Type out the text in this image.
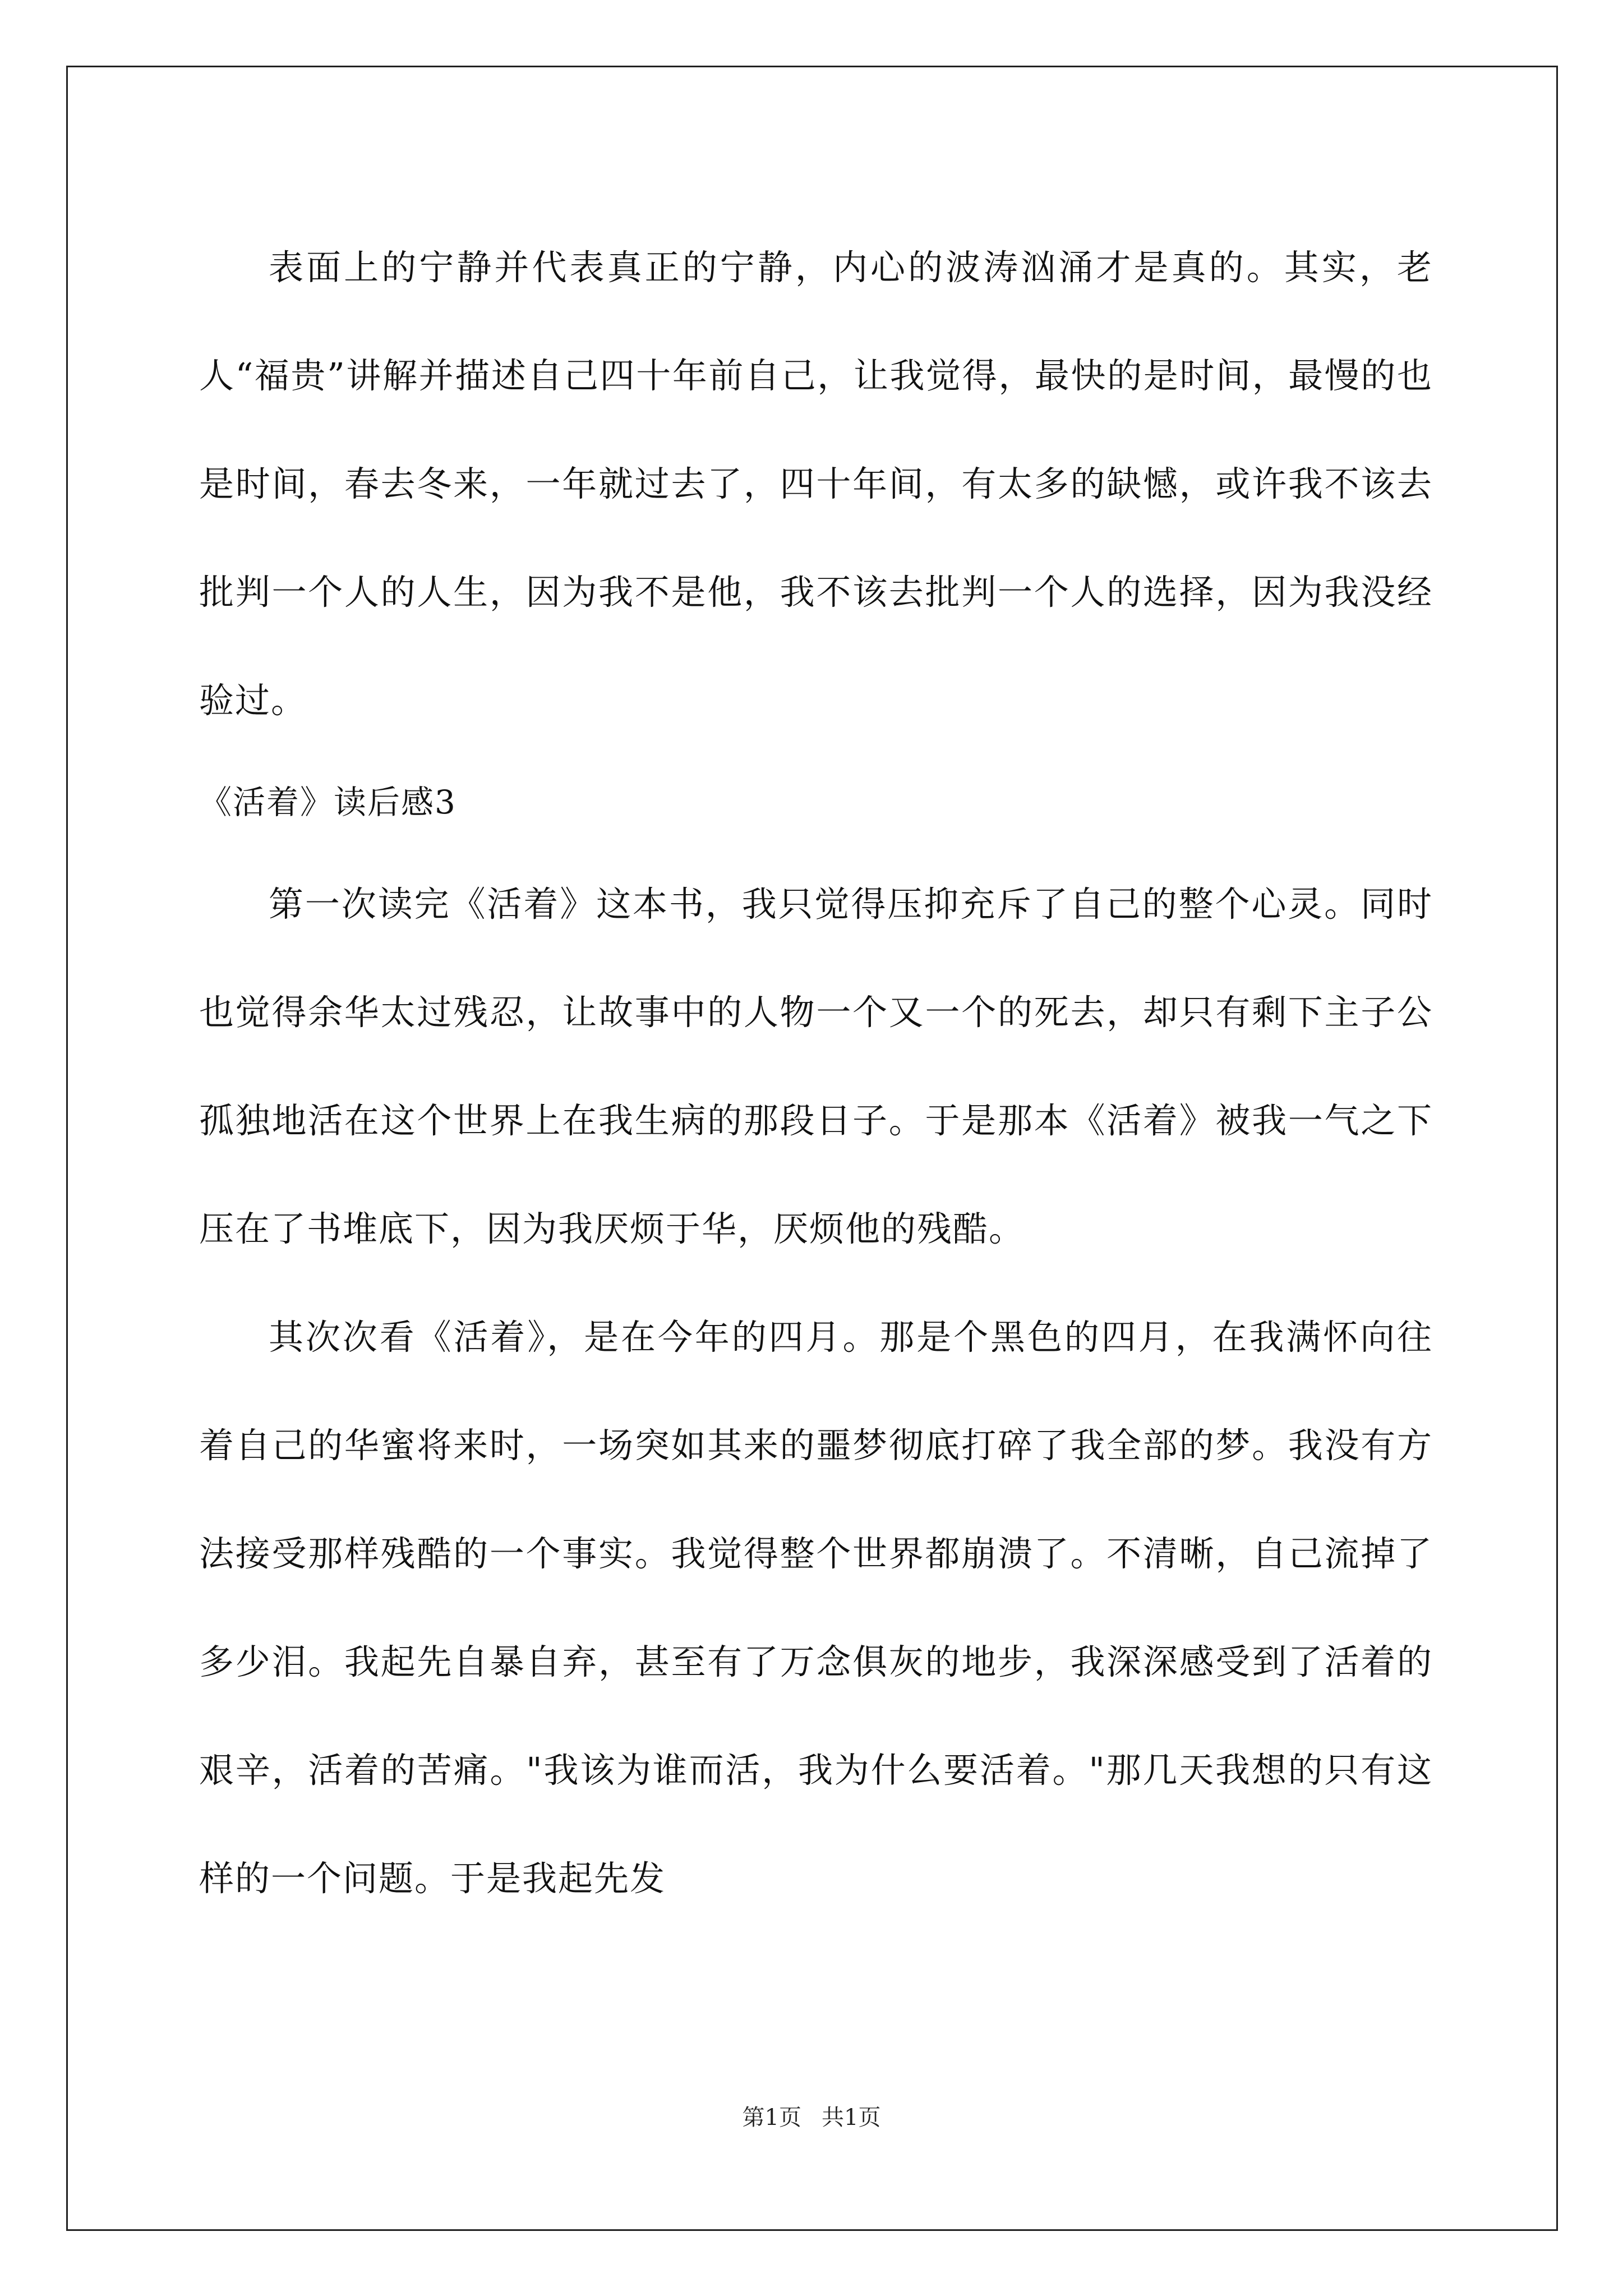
表面上的宁静并代表真正的宁静，内心的波涛汹涌才是真的。其实，老人“福贵”讲解并描述自己四十年前自己，让我觉得，最快的是时间，最慢的也是时间，春去冬来，一年就过去了，四十年间，有太多的缺憾，或许我不该去批判一个人的人生，因为我不是他，我不该去批判一个人的选择，因为我没经验过。

《活着》读后感3

第一次读完《活着》这本书，我只觉得压抑充斥了自己的整个心灵。同时也觉得余华太过残忍，让故事中的人物一个又一个的死去，却只有剩下主子公孤独地活在这个世界上在我生病的那段日子。于是那本《活着》被我一气之下压在了书堆底下，因为我厌烦于华，厌烦他的残酷。

其次次看《活着》，是在今年的四月。那是个黑色的四月，在我满怀向往着自己的华蜜将来时，一场突如其来的噩梦彻底打碎了我全部的梦。我没有方法接受那样残酷的一个事实。我觉得整个世界都崩溃了。不清晰，自己流掉了多少泪。我起先自暴自弃，甚至有了万念俱灰的地步，我深深感受到了活着的艰辛，活着的苦痛。"我该为谁而活，我为什么要活着。"那几天我想的只有这样的一个问题。于是我起先发

第1页 共1页
